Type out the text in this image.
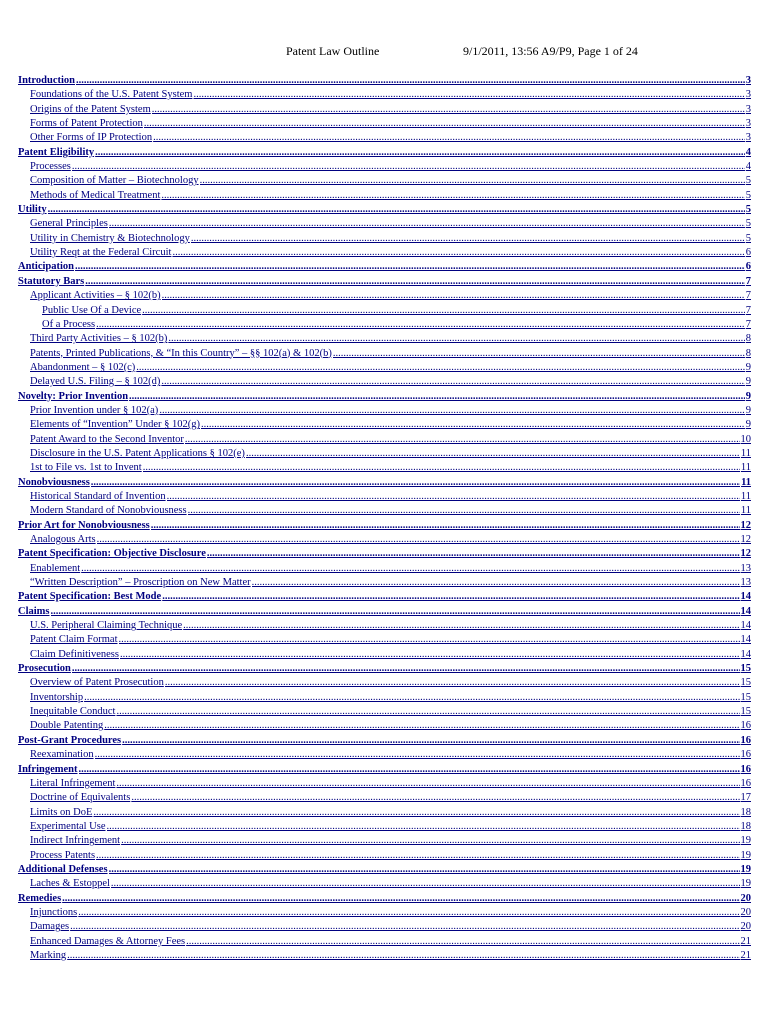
Patent Law Outline	9/1/2011, 13:56 A9/P9, Page 1 of 24
Introduction .....	3
Foundations of the U.S. Patent System .....	3
Origins of the Patent System .....	3
Forms of Patent Protection .....	3
Other Forms of IP Protection .....	3
Patent Eligibility .....	4
Processes .....	4
Composition of Matter – Biotechnology .....	5
Methods of Medical Treatment .....	5
Utility .....	5
General Principles .....	5
Utility in Chemistry & Biotechnology .....	5
Utility Reqt at the Federal Circuit .....	6
Anticipation .....	6
Statutory Bars .....	7
Applicant Activities – § 102(b) .....	7
Public Use Of a Device .....	7
Of a Process .....	7
Third Party Activities – § 102(b) .....	8
Patents, Printed Publications, & “In this Country” – §§ 102(a) & 102(b) .....	8
Abandonment – § 102(c) .....	9
Delayed U.S. Filing – § 102(d) .....	9
Novelty: Prior Invention .....	9
Prior Invention under § 102(a) .....	9
Elements of “Invention” Under § 102(g) .....	9
Patent Award to the Second Inventor .....	10
Disclosure in the U.S. Patent Applications § 102(e) .....	11
1st to File vs. 1st to Invent .....	11
Nonobviousness .....	11
Historical Standard of Invention .....	11
Modern Standard of Nonobviousness .....	11
Prior Art for Nonobviousness .....	12
Analogous Arts .....	12
Patent Specification: Objective Disclosure .....	12
Enablement .....	13
“Written Description” – Proscription on New Matter .....	13
Patent Specification: Best Mode .....	14
Claims .....	14
U.S. Peripheral Claiming Technique .....	14
Patent Claim Format .....	14
Claim Definitiveness .....	14
Prosecution .....	15
Overview of Patent Prosecution .....	15
Inventorship .....	15
Inequitable Conduct .....	15
Double Patenting .....	16
Post-Grant Procedures .....	16
Reexamination .....	16
Infringement .....	16
Literal Infringement .....	16
Doctrine of Equivalents .....	17
Limits on DoE .....	18
Experimental Use .....	18
Indirect Infringement .....	19
Process Patents .....	19
Additional Defenses .....	19
Laches & Estoppel .....	19
Remedies .....	20
Injunctions .....	20
Damages .....	20
Enhanced Damages & Attorney Fees .....	21
Marking .....	21
